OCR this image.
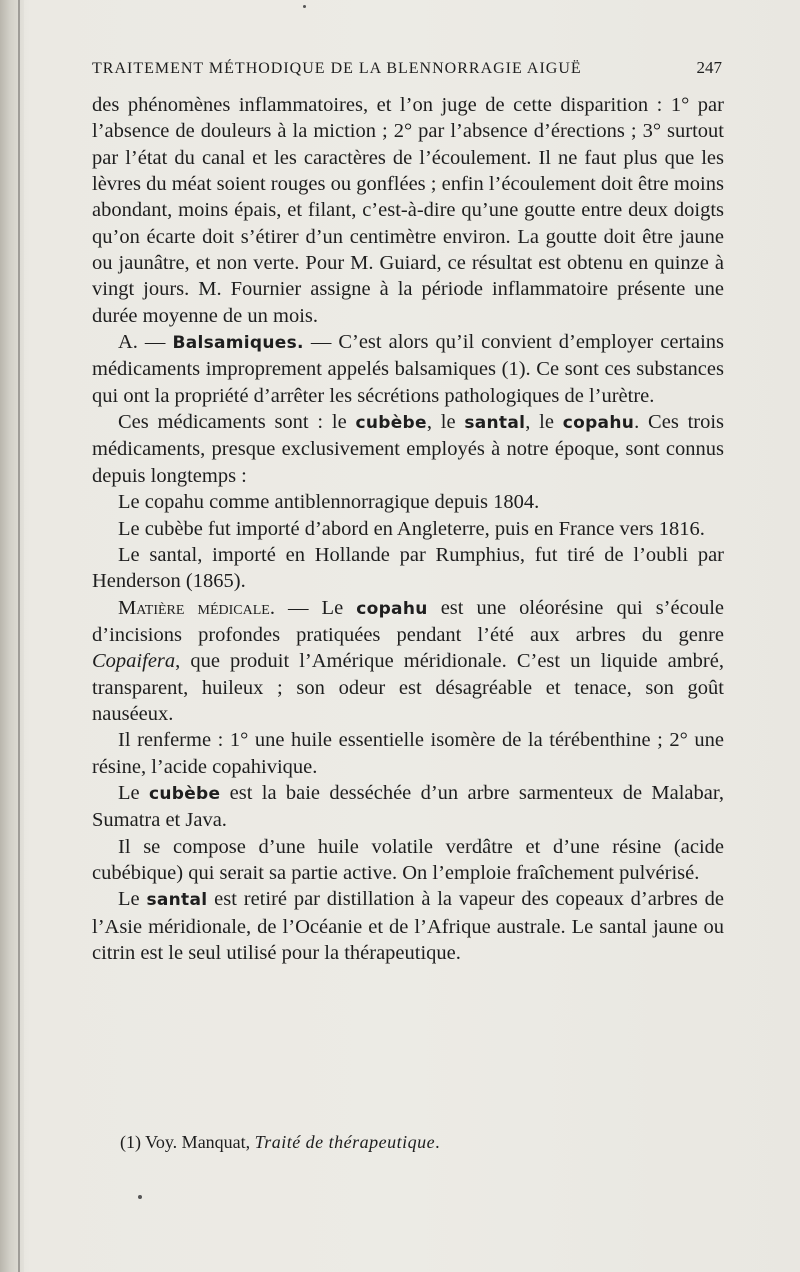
TRAITEMENT MÉTHODIQUE DE LA BLENNORRAGIE AIGUË	247

des phénomènes inflammatoires, et l’on juge de cette disparition : 1° par l’absence de douleurs à la miction ; 2° par l’absence d’érections ; 3° surtout par l’état du canal et les caractères de l’écoulement. Il ne faut plus que les lèvres du méat soient rouges ou gonflées ; enfin l’écoulement doit être moins abondant, moins épais, et filant, c’est-à-dire qu’une goutte entre deux doigts qu’on écarte doit s’étirer d’un centimètre environ. La goutte doit être jaune ou jaunâtre, et non verte. Pour M. Guiard, ce résultat est obtenu en quinze à vingt jours. M. Fournier assigne à la période inflammatoire présente une durée moyenne de un mois.

A. — Balsamiques. — C’est alors qu’il convient d’employer certains médicaments improprement appelés balsamiques (1). Ce sont ces substances qui ont la propriété d’arrêter les sécrétions pathologiques de l’urètre.

Ces médicaments sont : le cubèbe, le santal, le copahu. Ces trois médicaments, presque exclusivement employés à notre époque, sont connus depuis longtemps :

Le copahu comme antiblennorragique depuis 1804.

Le cubèbe fut importé d’abord en Angleterre, puis en France vers 1816.

Le santal, importé en Hollande par Rumphius, fut tiré de l’oubli par Henderson (1865).

Matière médicale. — Le copahu est une oléorésine qui s’écoule d’incisions profondes pratiquées pendant l’été aux arbres du genre Copaifera, que produit l’Amérique méridionale. C’est un liquide ambré, transparent, huileux ; son odeur est désagréable et tenace, son goût nauséeux.

Il renferme : 1° une huile essentielle isomère de la térébenthine ; 2° une résine, l’acide copahivique.

Le cubèbe est la baie desséchée d’un arbre sarmenteux de Malabar, Sumatra et Java.

Il se compose d’une huile volatile verdâtre et d’une résine (acide cubébique) qui serait sa partie active. On l’emploie fraîchement pulvérisé.

Le santal est retiré par distillation à la vapeur des copeaux d’arbres de l’Asie méridionale, de l’Océanie et de l’Afrique australe. Le santal jaune ou citrin est le seul utilisé pour la thérapeutique.

(1) Voy. Manquat, Traité de thérapeutique.
